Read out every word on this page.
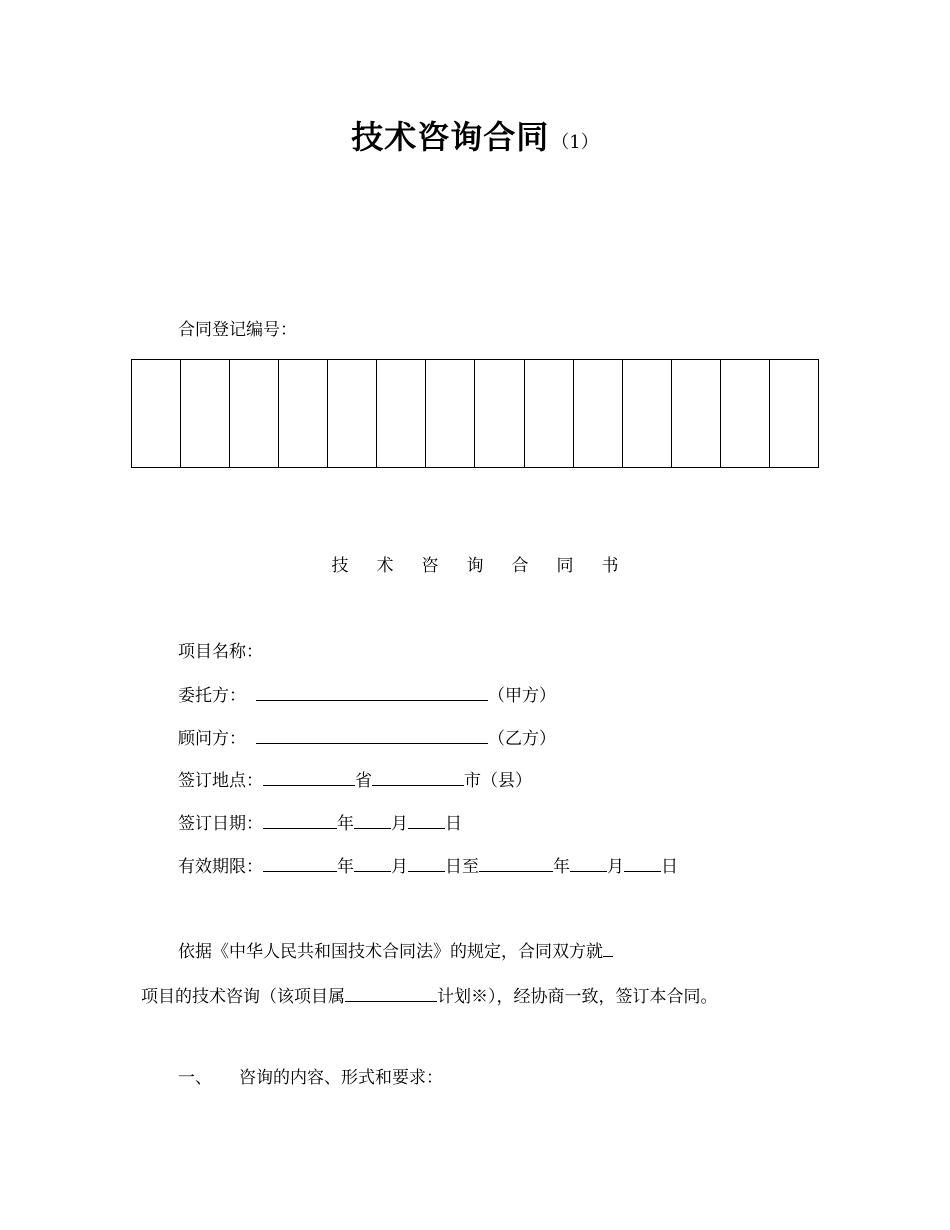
技术咨询合同 （1）
合同登记编号：

技 术 咨 询 合 同 书
项目名称：
委托方：	（甲方）
顾问方：	（乙方）
签订地点：	省	市（县）
签订日期：	年 月 日
有效期限：	年 月 日至	年 月 日
依据《中华人民共和国技术合同法》的规定，合同双方就
项目的技术咨询（该项目属	计划※），经协商一致，签订本合同。
一、 咨询的内容、形式和要求：
